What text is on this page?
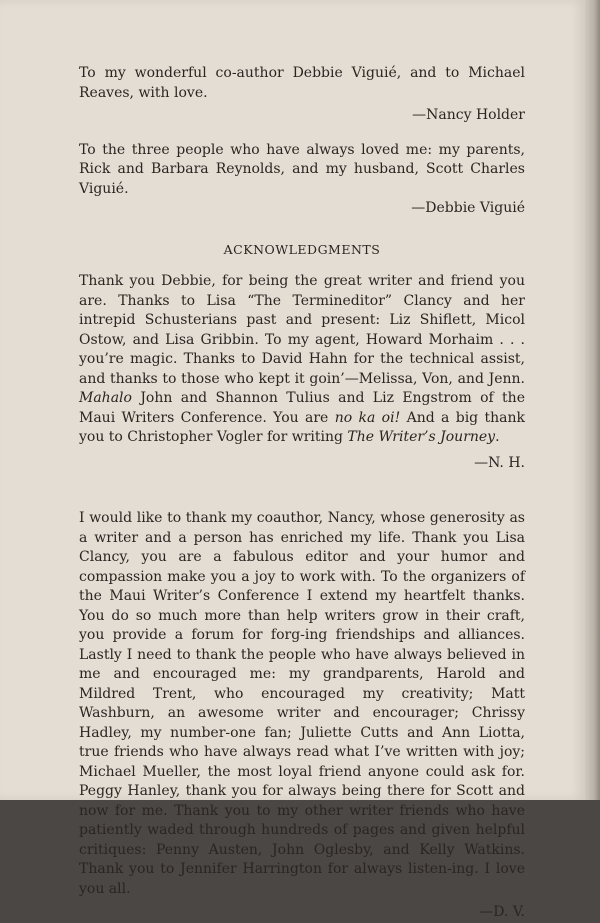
To my wonderful co-author Debbie Viguié, and to Michael Reaves, with love.

—Nancy Holder

To the three people who have always loved me: my parents, Rick and Barbara Reynolds, and my husband, Scott Charles Viguié.

—Debbie Viguié

ACKNOWLEDGMENTS

Thank you Debbie, for being the great writer and friend you are. Thanks to Lisa “The Termineditor” Clancy and her intrepid Schusterians past and present: Liz Shiflett, Micol Ostow, and Lisa Gribbin. To my agent, Howard Morhaim . . . you’re magic. Thanks to David Hahn for the technical assist, and thanks to those who kept it goin’—Melissa, Von, and Jenn. Mahalo John and Shannon Tulius and Liz Engstrom of the Maui Writers Conference. You are no ka oi! And a big thank you to Christopher Vogler for writing The Writer’s Journey.

—N. H.

I would like to thank my coauthor, Nancy, whose generosity as a writer and a person has enriched my life. Thank you Lisa Clancy, you are a fabulous editor and your humor and compassion make you a joy to work with. To the organizers of the Maui Writer’s Conference I extend my heartfelt thanks. You do so much more than help writers grow in their craft, you provide a forum for forg-ing friendships and alliances. Lastly I need to thank the people who have always believed in me and encouraged me: my grandparents, Harold and Mildred Trent, who encouraged my creativity; Matt Washburn, an awesome writer and encourager; Chrissy Hadley, my number-one fan; Juliette Cutts and Ann Liotta, true friends who have always read what I’ve written with joy; Michael Mueller, the most loyal friend anyone could ask for. Peggy Hanley, thank you for always being there for Scott and now for me. Thank you to my other writer friends who have patiently waded through hundreds of pages and given helpful critiques: Penny Austen, John Oglesby, and Kelly Watkins. Thank you to Jennifer Harrington for always listen-ing. I love you all.

—D. V.
